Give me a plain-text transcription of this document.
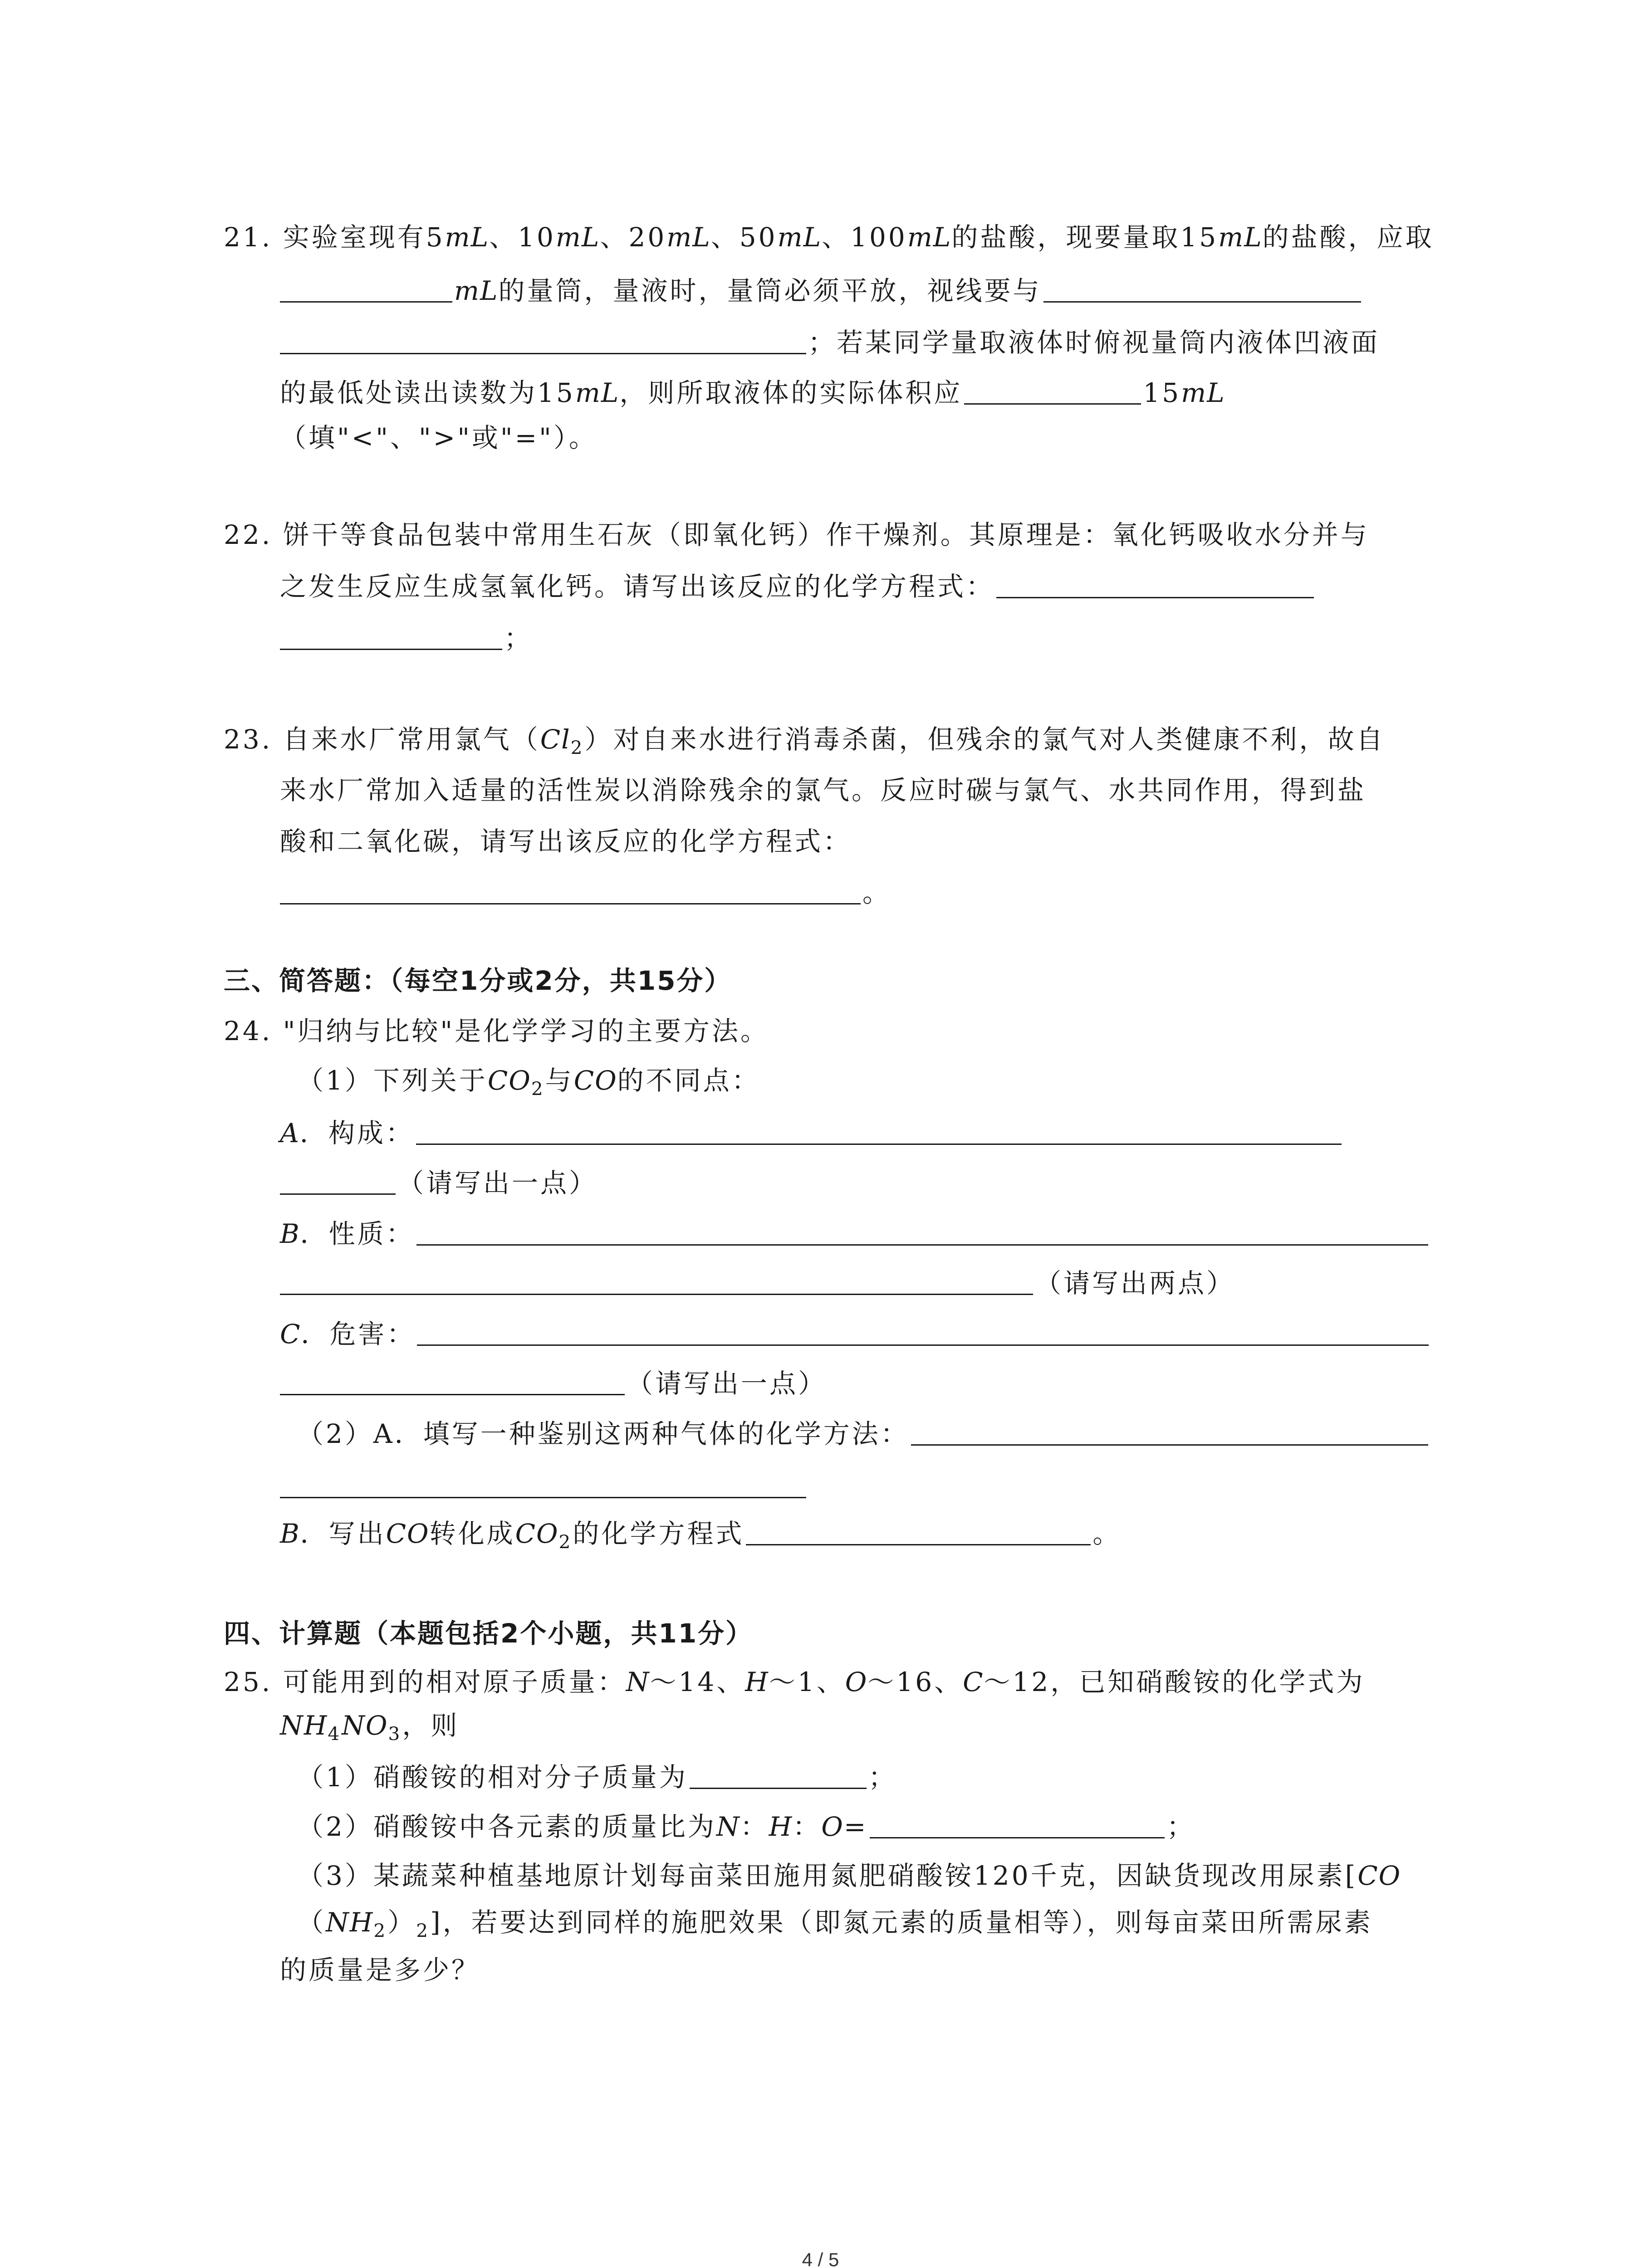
21. 实验室现有5mL、10mL、20mL、50mL、100mL的盐酸，现要量取15mL的盐酸，应取
mL的量筒，量液时，量筒必须平放，视线要与
；若某同学量取液体时俯视量筒内液体凹液面
的最低处读出读数为15mL，则所取液体的实际体积应	15mL
（填"<"、">"或"="）。
22. 饼干等食品包装中常用生石灰（即氧化钙）作干燥剂。其原理是：氧化钙吸收水分并与
之发生反应生成氢氧化钙。请写出该反应的化学方程式：
；
23. 自来水厂常用氯气$(Cl_2)$对自来水进行消毒杀菌，但残余的氯气对人类健康不利，故自
来水厂常加入适量的活性炭以消除残余的氯气。反应时碳与氯气、水共同作用，得到盐
酸和二氧化碳，请写出该反应的化学方程式：
。
三、简答题：（每空1分或2分，共15分）
24. "归纳与比较"是化学学习的主要方法。
（1）下列关于$CO_2$与CO的不同点：
A．构成：
（请写出一点）
B．性质：
（请写出两点）
C．危害：
（请写出一点）
（2）A．填写一种鉴别这两种气体的化学方法：
B．写出CO转化成$CO_2$的化学方程式	。
四、计算题（本题包括2个小题，共11分）
25. 可能用到的相对原子质量：N～14、H～1、O～16、C～12，已知硝酸铵的化学式为
$NH_4NO_3$，则
（1）硝酸铵的相对分子质量为	；
（2）硝酸铵中各元素的质量比为N：H：O=	；
（3）某蔬菜种植基地原计划每亩菜田施用氮肥硝酸铵120千克，因缺货现改用尿素[CO
$(NH_2)_2$]，若要达到同样的施肥效果（即氮元素的质量相等），则每亩菜田所需尿素
的质量是多少？
4 / 5
